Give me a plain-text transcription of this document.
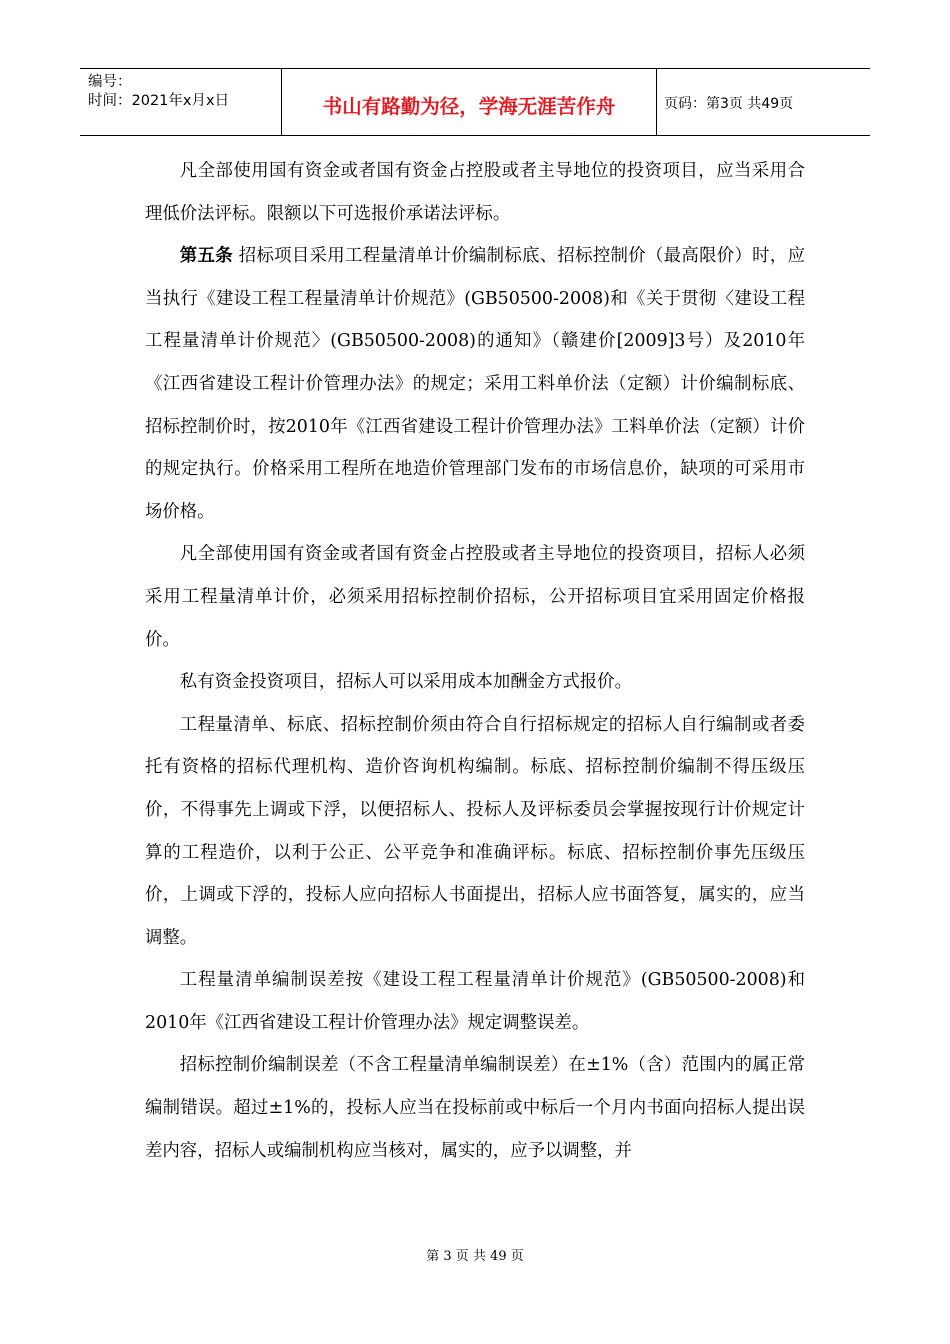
编号：
时间：2021年x月x日	书山有路勤为径，学海无涯苦作舟	页码：第3页 共49页

凡全部使用国有资金或者国有资金占控股或者主导地位的投资项目，应当采用合理低价法评标。限额以下可选报价承诺法评标。

第五条 招标项目采用工程量清单计价编制标底、招标控制价（最高限价）时，应当执行《建设工程工程量清单计价规范》(GB50500-2008)和《关于贯彻〈建设工程工程量清单计价规范〉(GB50500-2008)的通知》（赣建价[2009]3号）及2010年《江西省建设工程计价管理办法》的规定；采用工料单价法（定额）计价编制标底、招标控制价时，按2010年《江西省建设工程计价管理办法》工料单价法（定额）计价的规定执行。价格采用工程所在地造价管理部门发布的市场信息价，缺项的可采用市场价格。

凡全部使用国有资金或者国有资金占控股或者主导地位的投资项目，招标人必须采用工程量清单计价，必须采用招标控制价招标，公开招标项目宜采用固定价格报价。

私有资金投资项目，招标人可以采用成本加酬金方式报价。

工程量清单、标底、招标控制价须由符合自行招标规定的招标人自行编制或者委托有资格的招标代理机构、造价咨询机构编制。标底、招标控制价编制不得压级压价，不得事先上调或下浮，以便招标人、投标人及评标委员会掌握按现行计价规定计算的工程造价，以利于公正、公平竞争和准确评标。标底、招标控制价事先压级压价，上调或下浮的，投标人应向招标人书面提出，招标人应书面答复，属实的，应当调整。

工程量清单编制误差按《建设工程工程量清单计价规范》(GB50500-2008)和2010年《江西省建设工程计价管理办法》规定调整误差。

招标控制价编制误差（不含工程量清单编制误差）在±1%（含）范围内的属正常编制错误。超过±1%的，投标人应当在投标前或中标后一个月内书面向招标人提出误差内容，招标人或编制机构应当核对，属实的，应予以调整，并

第 3 页 共 49 页
